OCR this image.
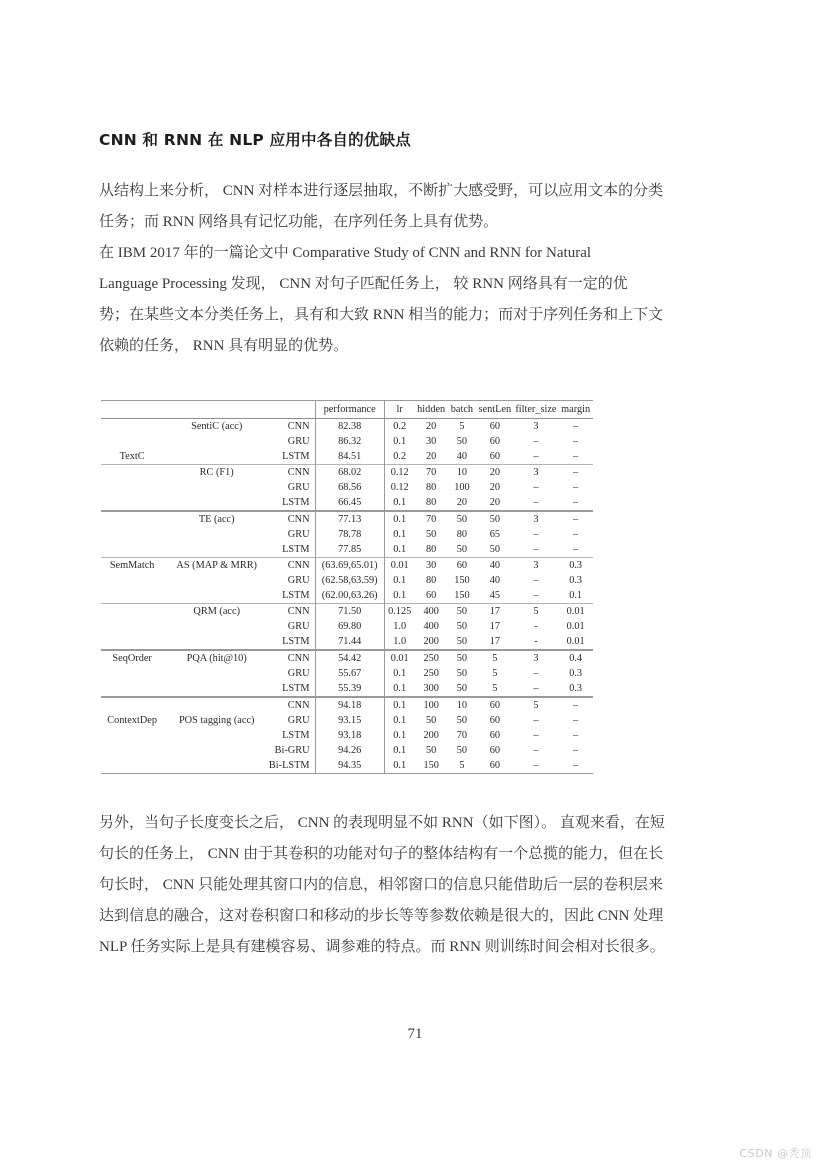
CNN 和 RNN 在 NLP 应用中各自的优缺点

从结构上来分析， CNN 对样本进行逐层抽取，不断扩大感受野，可以应用文本的分类

任务；而 RNN 网络具有记忆功能，在序列任务上具有优势。

在 IBM 2017 年的一篇论文中 Comparative Study of CNN and RNN for Natural

Language Processing 发现， CNN 对句子匹配任务上， 较 RNN 网络具有一定的优

势；在某些文本分类任务上，具有和大致 RNN 相当的能力；而对于序列任务和上下文

依赖的任务， RNN 具有明显的优势。

			performance	lr	hidden	batch	sentLen	filter_size	margin
	SentiC (acc)	CNN	82.38	0.2	20	5	60	3	–
		GRU	86.32	0.1	30	50	60	–	–
TextC		LSTM	84.51	0.2	20	40	60	–	–
	RC (F1)	CNN	68.02	0.12	70	10	20	3	–
		GRU	68.56	0.12	80	100	20	–	–
		LSTM	66.45	0.1	80	20	20	–	–
	TE (acc)	CNN	77.13	0.1	70	50	50	3	–
		GRU	78.78	0.1	50	80	65	–	–
		LSTM	77.85	0.1	80	50	50	–	–
SemMatch	AS (MAP & MRR)	CNN	(63.69,65.01)	0.01	30	60	40	3	0.3
		GRU	(62.58,63.59)	0.1	80	150	40	–	0.3
		LSTM	(62.00,63.26)	0.1	60	150	45	–	0.1
	QRM (acc)	CNN	71.50	0.125	400	50	17	5	0.01
		GRU	69.80	1.0	400	50	17	-	0.01
		LSTM	71.44	1.0	200	50	17	-	0.01
SeqOrder	PQA (hit@10)	CNN	54.42	0.01	250	50	5	3	0.4
		GRU	55.67	0.1	250	50	5	–	0.3
		LSTM	55.39	0.1	300	50	5	–	0.3
		CNN	94.18	0.1	100	10	60	5	–
ContextDep	POS tagging (acc)	GRU	93.15	0.1	50	50	60	–	–
		LSTM	93.18	0.1	200	70	60	–	–
		Bi-GRU	94.26	0.1	50	50	60	–	–
		Bi-LSTM	94.35	0.1	150	5	60	–	–

另外，当句子长度变长之后， CNN 的表现明显不如 RNN（如下图）。 直观来看，在短

句长的任务上， CNN 由于其卷积的功能对句子的整体结构有一个总揽的能力，但在长

句长时， CNN 只能处理其窗口内的信息，相邻窗口的信息只能借助后一层的卷积层来

达到信息的融合，这对卷积窗口和移动的步长等等参数依赖是很大的，因此 CNN 处理

NLP 任务实际上是具有建模容易、调参难的特点。而 RNN 则训练时间会相对长很多。

71
CSDN @秃顶
